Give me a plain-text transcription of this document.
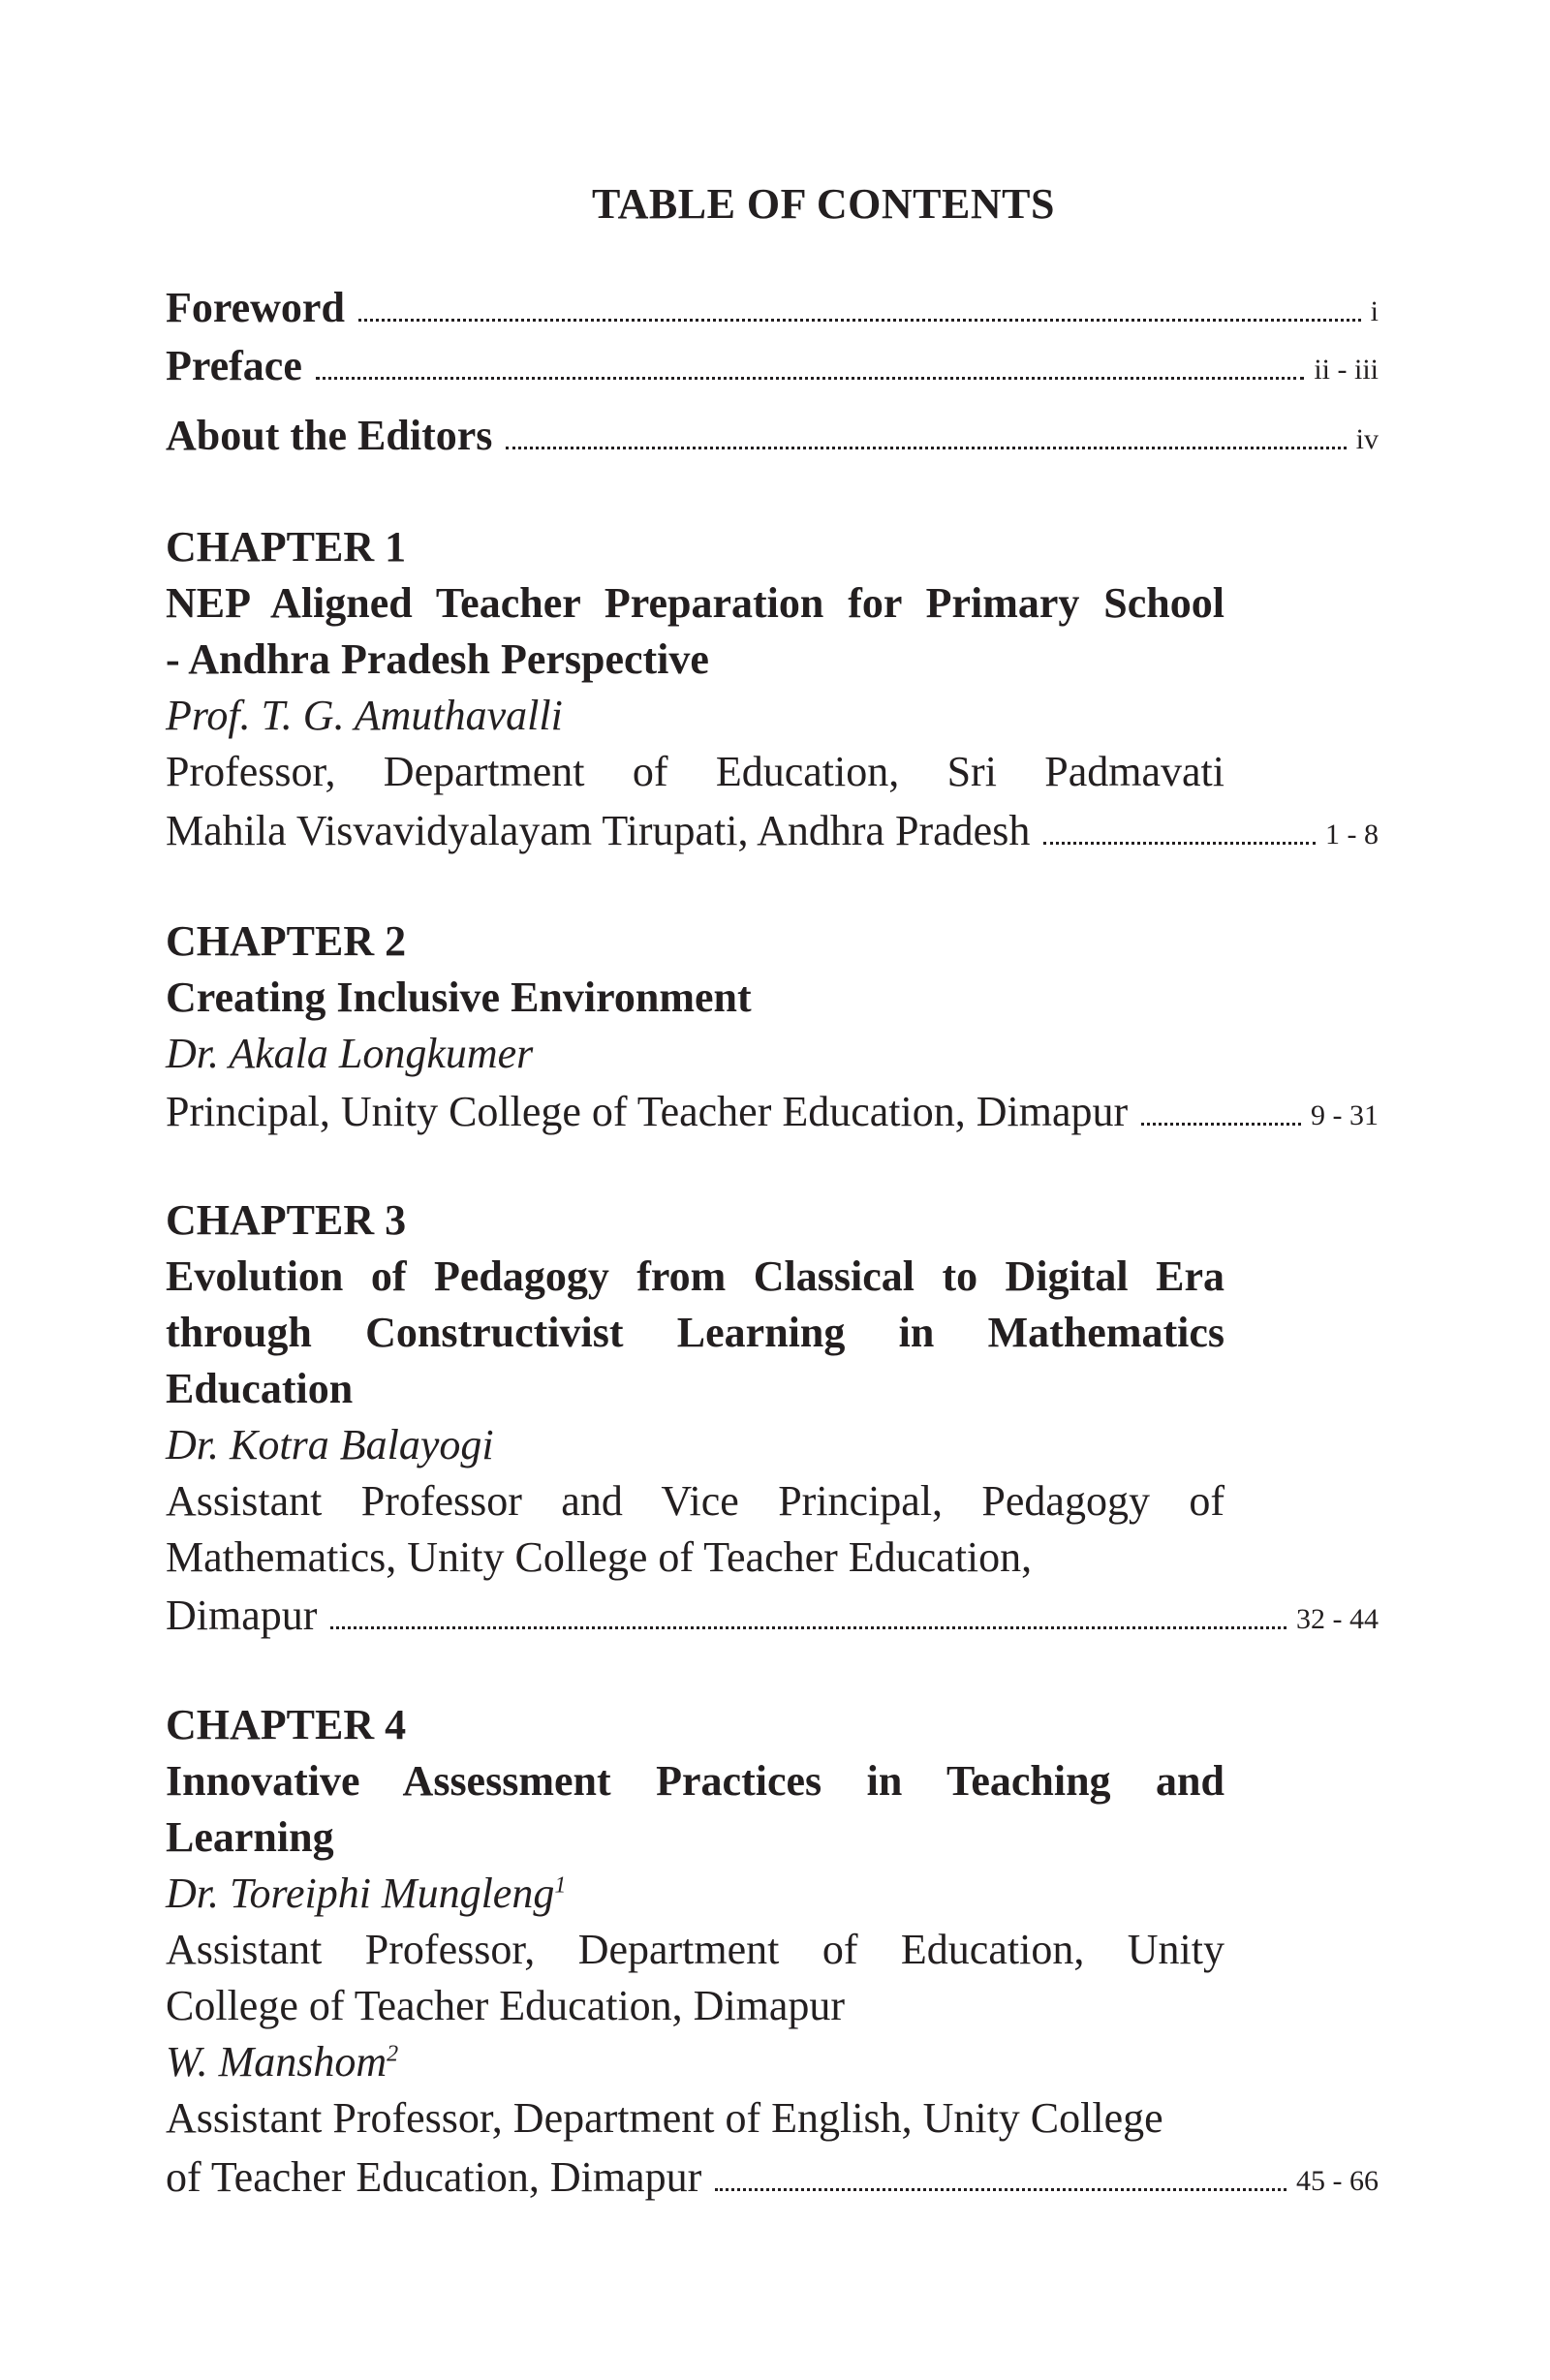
TABLE OF CONTENTS
Foreword	i
Preface	ii - iii
About the Editors	iv
CHAPTER 1
NEP Aligned Teacher Preparation for Primary School
- Andhra Pradesh Perspective
Prof. T. G. Amuthavalli
Professor, Department of Education, Sri Padmavati
Mahila Visvavidyalayam Tirupati, Andhra Pradesh	1 - 8
CHAPTER 2
Creating Inclusive Environment
Dr. Akala Longkumer
Principal, Unity College of Teacher Education, Dimapur	9 - 31
CHAPTER 3
Evolution of Pedagogy from Classical to Digital Era
through Constructivist Learning in Mathematics
Education
Dr. Kotra Balayogi
Assistant Professor and Vice Principal, Pedagogy of
Mathematics, Unity College of Teacher Education,
Dimapur	32 - 44
CHAPTER 4
Innovative Assessment Practices in Teaching and
Learning
Dr. Toreiphi Mungleng$^1$
Assistant Professor, Department of Education, Unity
College of Teacher Education, Dimapur
W. Manshom$^2$
Assistant Professor, Department of English, Unity College
of Teacher Education, Dimapur	45 - 66
